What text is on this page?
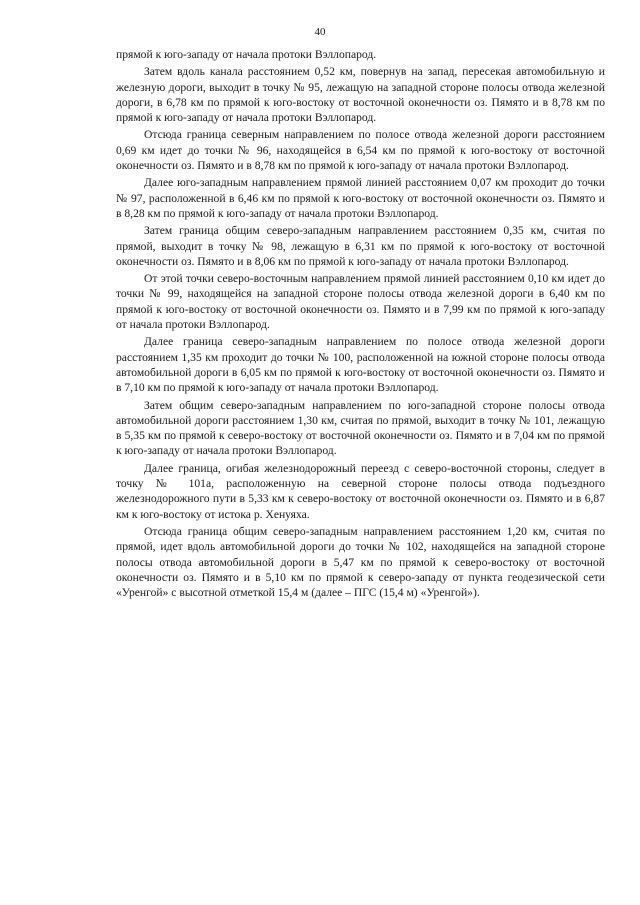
40

прямой к юго-западу от начала протоки Вэллопарод.

Затем вдоль канала расстоянием 0,52 км, повернув на запад, пересекая автомобильную и железную дороги, выходит в точку № 95, лежащую на западной стороне полосы отвода железной дороги, в 6,78 км по прямой к юго-востоку от восточной оконечности оз. Пямято и в 8,78 км по прямой к юго-западу от начала протоки Вэллопарод.

Отсюда граница северным направлением по полосе отвода железной дороги расстоянием 0,69 км идет до точки № 96, находящейся в 6,54 км по прямой к юго-востоку от восточной оконечности оз. Пямято и в 8,78 км по прямой к юго-западу от начала протоки Вэллопарод.

Далее юго-западным направлением прямой линией расстоянием 0,07 км проходит до точки № 97, расположенной в 6,46 км по прямой к юго-востоку от восточной оконечности оз. Пямято и в 8,28 км по прямой к юго-западу от начала протоки Вэллопарод.

Затем граница общим северо-западным направлением расстоянием 0,35 км, считая по прямой, выходит в точку № 98, лежащую в 6,31 км по прямой к юго-востоку от восточной оконечности оз. Пямято и в 8,06 км по прямой к юго-западу от начала протоки Вэллопарод.

От этой точки северо-восточным направлением прямой линией расстоянием 0,10 км идет до точки № 99, находящейся на западной стороне полосы отвода железной дороги в 6,40 км по прямой к юго-востоку от восточной оконечности оз. Пямято и в 7,99 км по прямой к юго-западу от начала протоки Вэллопарод.

Далее граница северо-западным направлением по полосе отвода железной дороги расстоянием 1,35 км проходит до точки № 100, расположенной на южной стороне полосы отвода автомобильной дороги в 6,05 км по прямой к юго-востоку от восточной оконечности оз. Пямято и в 7,10 км по прямой к юго-западу от начала протоки Вэллопарод.

Затем общим северо-западным направлением по юго-западной стороне полосы отвода автомобильной дороги расстоянием 1,30 км, считая по прямой, выходит в точку № 101, лежащую в 5,35 км по прямой к северо-востоку от восточной оконечности оз. Пямято и в 7,04 км по прямой к юго-западу от начала протоки Вэллопарод.

Далее граница, огибая железнодорожный переезд с северо-восточной стороны, следует в точку № 101а, расположенную на северной стороне полосы отвода подъездного железнодорожного пути в 5,33 км к северо-востоку от восточной оконечности оз. Пямято и в 6,87 км к юго-востоку от истока р. Хенуяха.

Отсюда граница общим северо-западным направлением расстоянием 1,20 км, считая по прямой, идет вдоль автомобильной дороги до точки № 102, находящейся на западной стороне полосы отвода автомобильной дороги в 5,47 км по прямой к северо-востоку от восточной оконечности оз. Пямято и в 5,10 км по прямой к северо-западу от пункта геодезической сети «Уренгой» с высотной отметкой 15,4 м (далее – ПГС (15,4 м) «Уренгой»).
